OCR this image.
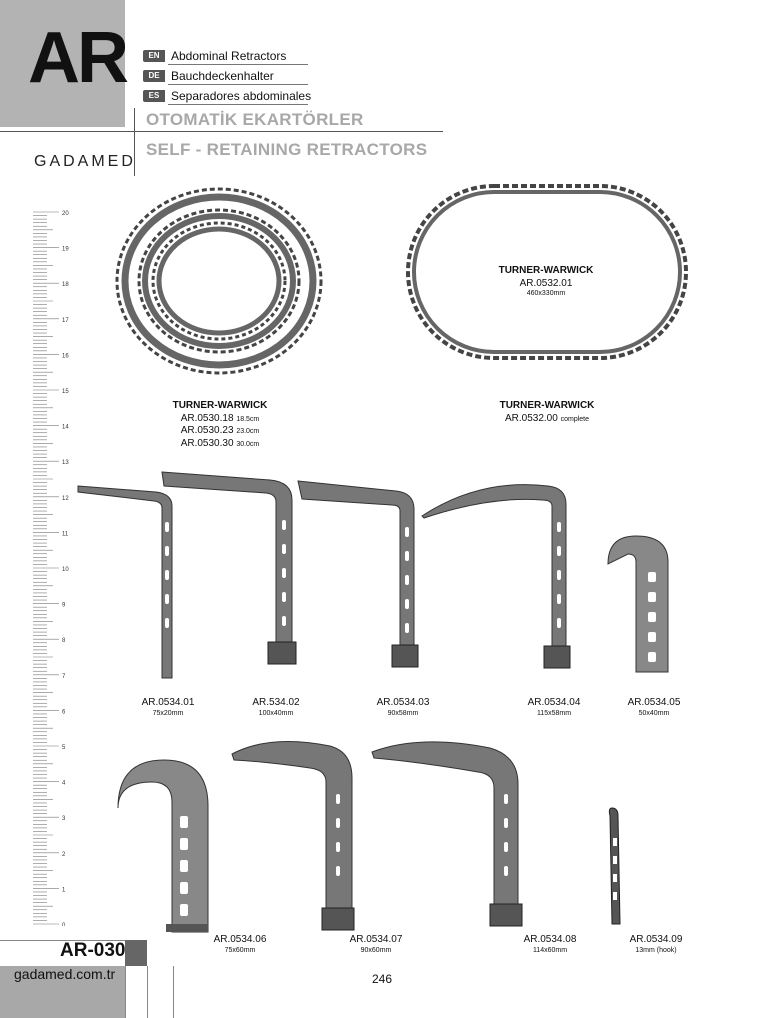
AR	EN Abdominal Retractors
DE Bauchdeckenhalter
ES Separadores abdominales
OTOMATİK EKARTÖRLER
SELF - RETAINING RETRACTORS
GADAMED
20
19
18
17
16
15
14
13
12
11
10
9
8
7
6
5
4
3
2
1
0
TURNER-WARWICK
AR.0532.01
460x330mm
TURNER-WARWICK
AR.0530.18 18.5cm
AR.0530.23 23.0cm
AR.0530.30 30.0cm
TURNER-WARWICK
AR.0532.00 complete
AR.0534.01
75x20mm
AR.534.02
100x40mm
AR.0534.03
90x58mm
AR.0534.04
115x58mm
AR.0534.05
50x40mm
AR.0534.06
75x60mm
AR.0534.07
90x60mm
AR.0534.08
114x60mm
AR.0534.09
13mm (hook)
AR-030
gadamed.com.tr	246
